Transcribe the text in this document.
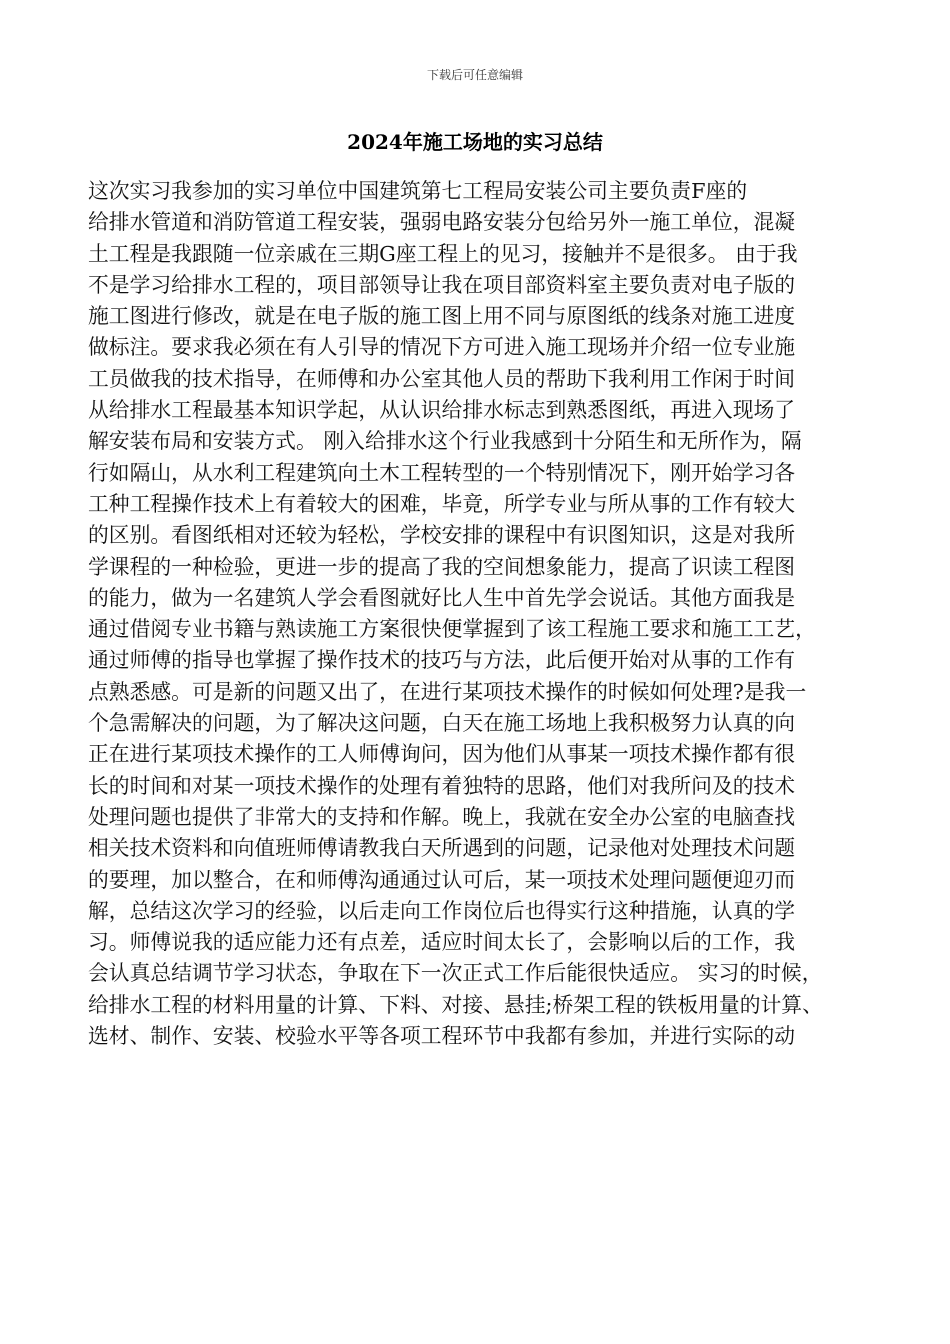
下载后可任意编辑
2024年施工场地的实习总结
这次实习我参加的实习单位中国建筑第七工程局安装公司主要负责F座的
给排水管道和消防管道工程安装，强弱电路安装分包给另外一施工单位，混凝
土工程是我跟随一位亲戚在三期G座工程上的见习，接触并不是很多。 由于我
不是学习给排水工程的，项目部领导让我在项目部资料室主要负责对电子版的
施工图进行修改，就是在电子版的施工图上用不同与原图纸的线条对施工进度
做标注。要求我必须在有人引导的情况下方可进入施工现场并介绍一位专业施
工员做我的技术指导，在师傅和办公室其他人员的帮助下我利用工作闲于时间
从给排水工程最基本知识学起，从认识给排水标志到熟悉图纸，再进入现场了
解安装布局和安装方式。 刚入给排水这个行业我感到十分陌生和无所作为，隔
行如隔山，从水利工程建筑向土木工程转型的一个特别情况下，刚开始学习各
工种工程操作技术上有着较大的困难，毕竟，所学专业与所从事的工作有较大
的区别。看图纸相对还较为轻松，学校安排的课程中有识图知识，这是对我所
学课程的一种检验，更进一步的提高了我的空间想象能力，提高了识读工程图
的能力，做为一名建筑人学会看图就好比人生中首先学会说话。其他方面我是
通过借阅专业书籍与熟读施工方案很快便掌握到了该工程施工要求和施工工艺，
通过师傅的指导也掌握了操作技术的技巧与方法，此后便开始对从事的工作有
点熟悉感。可是新的问题又出了，在进行某项技术操作的时候如何处理?是我一
个急需解决的问题，为了解决这问题，白天在施工场地上我积极努力认真的向
正在进行某项技术操作的工人师傅询问，因为他们从事某一项技术操作都有很
长的时间和对某一项技术操作的处理有着独特的思路，他们对我所问及的技术
处理问题也提供了非常大的支持和作解。晚上，我就在安全办公室的电脑查找
相关技术资料和向值班师傅请教我白天所遇到的问题，记录他对处理技术问题
的要理，加以整合，在和师傅沟通通过认可后，某一项技术处理问题便迎刃而
解，总结这次学习的经验，以后走向工作岗位后也得实行这种措施，认真的学
习。师傅说我的适应能力还有点差，适应时间太长了，会影响以后的工作，我
会认真总结调节学习状态，争取在下一次正式工作后能很快适应。 实习的时候，
给排水工程的材料用量的计算、下料、对接、悬挂;桥架工程的铁板用量的计算、
选材、制作、安装、校验水平等各项工程环节中我都有参加，并进行实际的动
